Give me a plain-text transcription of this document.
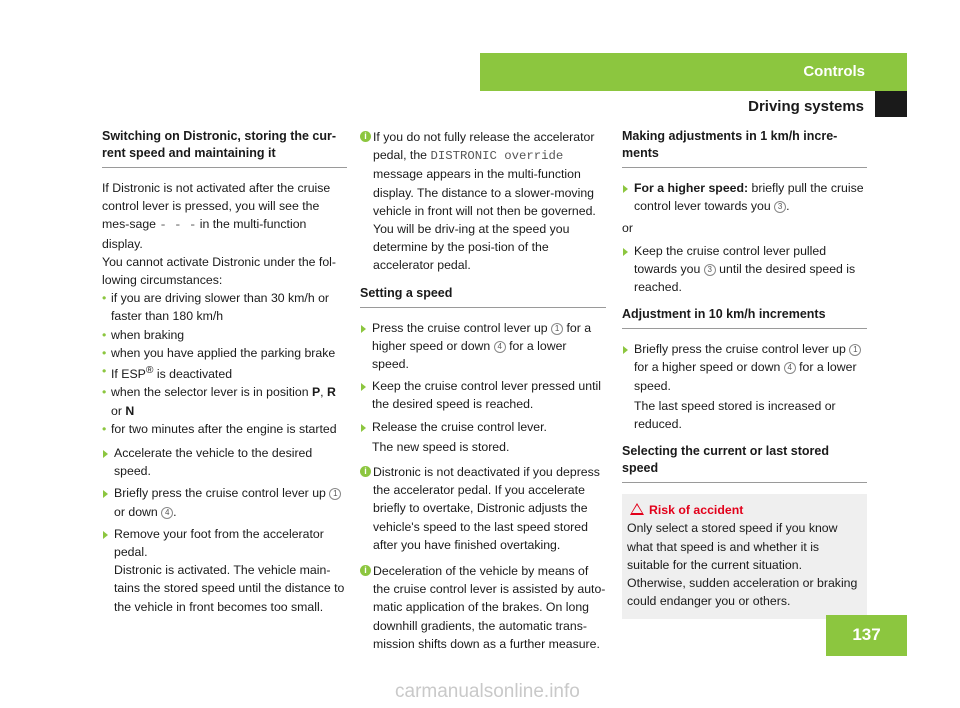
Controls
Driving systems
Switching on Distronic, storing the cur-rent speed and maintaining it

If Distronic is not activated after the cruise control lever is pressed, you will see the mes-sage - - - in the multi-function display.

You cannot activate Distronic under the fol-lowing circumstances:

• if you are driving slower than 30 km/h or faster than 180 km/h

• when braking

• when you have applied the parking brake

• If ESP® is deactivated

• when the selector lever is in position P, R or N

• for two minutes after the engine is started

Accelerate the vehicle to the desired speed.

Briefly press the cruise control lever up 1 or down 4 .

Remove your foot from the accelerator pedal.

Distronic is activated. The vehicle main-tains the stored speed until the distance to the vehicle in front becomes too small.

i If you do not fully release the accelerator pedal, the DISTRONIC override message appears in the multi-function display. The distance to a slower-moving vehicle in front will not then be governed. You will be driv-ing at the speed you determine by the posi-tion of the accelerator pedal.

Setting a speed

Press the cruise control lever up 1 for a higher speed or down 4 for a lower speed.

Keep the cruise control lever pressed until the desired speed is reached.

Release the cruise control lever.

The new speed is stored.

i Distronic is not deactivated if you depress the accelerator pedal. If you accelerate briefly to overtake, Distronic adjusts the vehicle's speed to the last speed stored after you have finished overtaking.

i Deceleration of the vehicle by means of the cruise control lever is assisted by auto-matic application of the brakes. On long downhill gradients, the automatic trans-mission shifts down as a further measure.

Making adjustments in 1 km/h incre-ments

For a higher speed: briefly pull the cruise control lever towards you 3 .

or

Keep the cruise control lever pulled towards you 3 until the desired speed is reached.

Adjustment in 10 km/h increments

Briefly press the cruise control lever up 1 for a higher speed or down 4 for a lower speed.

The last speed stored is increased or reduced.

Selecting the current or last stored speed

Risk of accident

Only select a stored speed if you know what that speed is and whether it is suitable for the current situation. Otherwise, sudden acceleration or braking could endanger you or others.

137
carmanualsonline.info
